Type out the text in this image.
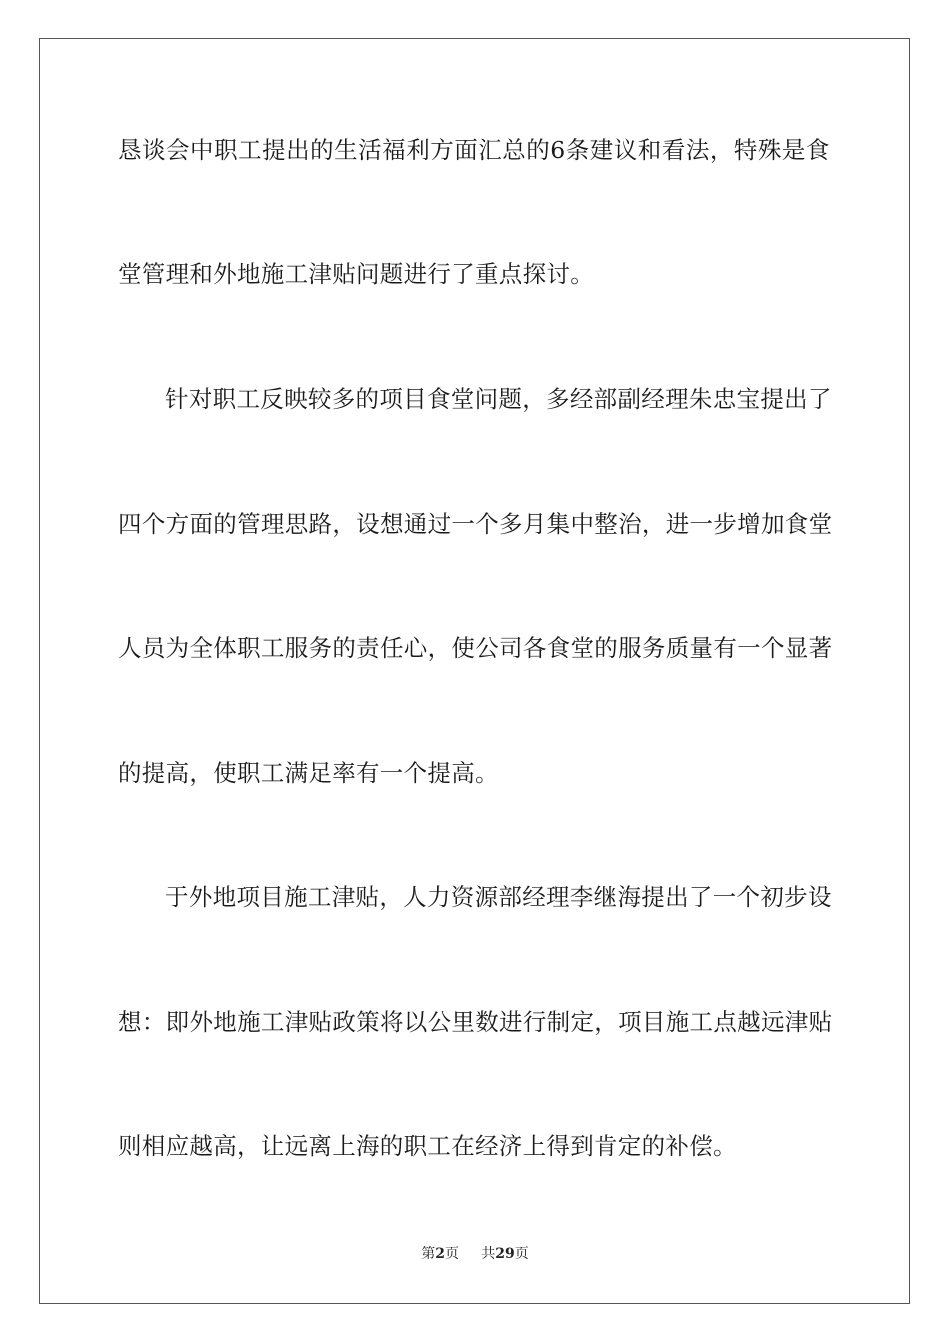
恳 谈 会 中 职 工 提 出 的 生 活 福 利 方 面 汇 总 的 6 条 建 议 和 看 法 ， 特 殊 是 食
堂管理和外地施工津贴问题进行了重点探讨。
针 对 职 工 反 映 较 多 的 项 目 食 堂 问 题 ， 多 经 部 副 经 理 朱 忠 宝 提 出 了
四 个 方 面 的 管 理 思 路 ， 设 想 通 过 一 个 多 月 集 中 整 治 ， 进 一 步 增 加 食 堂
人 员 为 全 体 职 工 服 务 的 责 任 心 ， 使 公 司 各 食 堂 的 服 务 质 量 有 一 个 显 著
的提高，使职工满足率有一个提高。
于 外 地 项 目 施 工 津 贴 ， 人 力 资 源 部 经 理 李 继 海 提 出 了 一 个 初 步 设
想 ： 即 外 地 施 工 津 贴 政 策 将 以 公 里 数 进 行 制 定 ， 项 目 施 工 点 越 远 津 贴
则相应越高，让远离上海的职工在经济上得到肯定的补偿。
第2页 共29页
